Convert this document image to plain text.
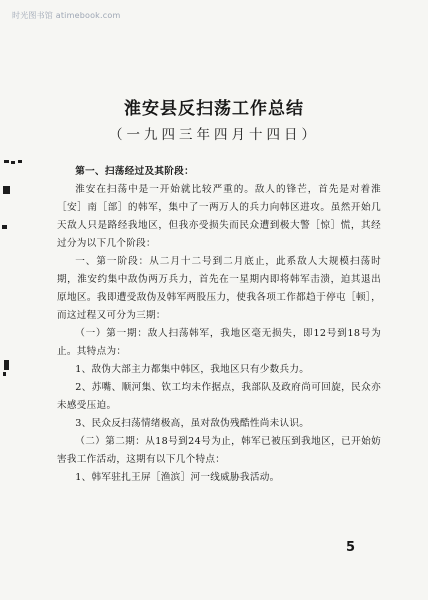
时光图书馆 atimebook.com
淮安县反扫荡工作总结
（一九四三年四月十四日）

第一、扫荡经过及其阶段：

淮安在扫荡中是一开始就比较严重的。敌人的锋芒，首先是对着淮［安］南［部］的韩军，集中了一两万人的兵力向韩区进攻。虽然开始几天敌人只是路经我地区，但我亦受损失而民众遭到极大警［惊］慌，其经过分为以下几个阶段：

一、第一阶段：从二月十二号到二月底止，此系敌人大规模扫荡时期，淮安约集中敌伪两万兵力，首先在一星期内即将韩军击溃，迫其退出原地区。我即遭受敌伪及韩军两股压力，使我各项工作都趋于停屯［顿］，而这过程又可分为三期：

（一）第一期：敌人扫荡韩军，我地区毫无损失，即12号到18号为止。其特点为：

1、敌伪大部主力都集中韩区，我地区只有少数兵力。

2、苏嘴、顺河集、钦工均未作据点，我部队及政府尚可回旋，民众亦未感受压迫。

3、民众反扫荡情绪极高，虽对敌伪残酷性尚未认识。

（二）第二期：从18号到24号为止，韩军已被压到我地区，已开始妨害我工作活动，这期有以下几个特点：

1、韩军驻扎王屏［渔滨］河一线威胁我活动。

5
